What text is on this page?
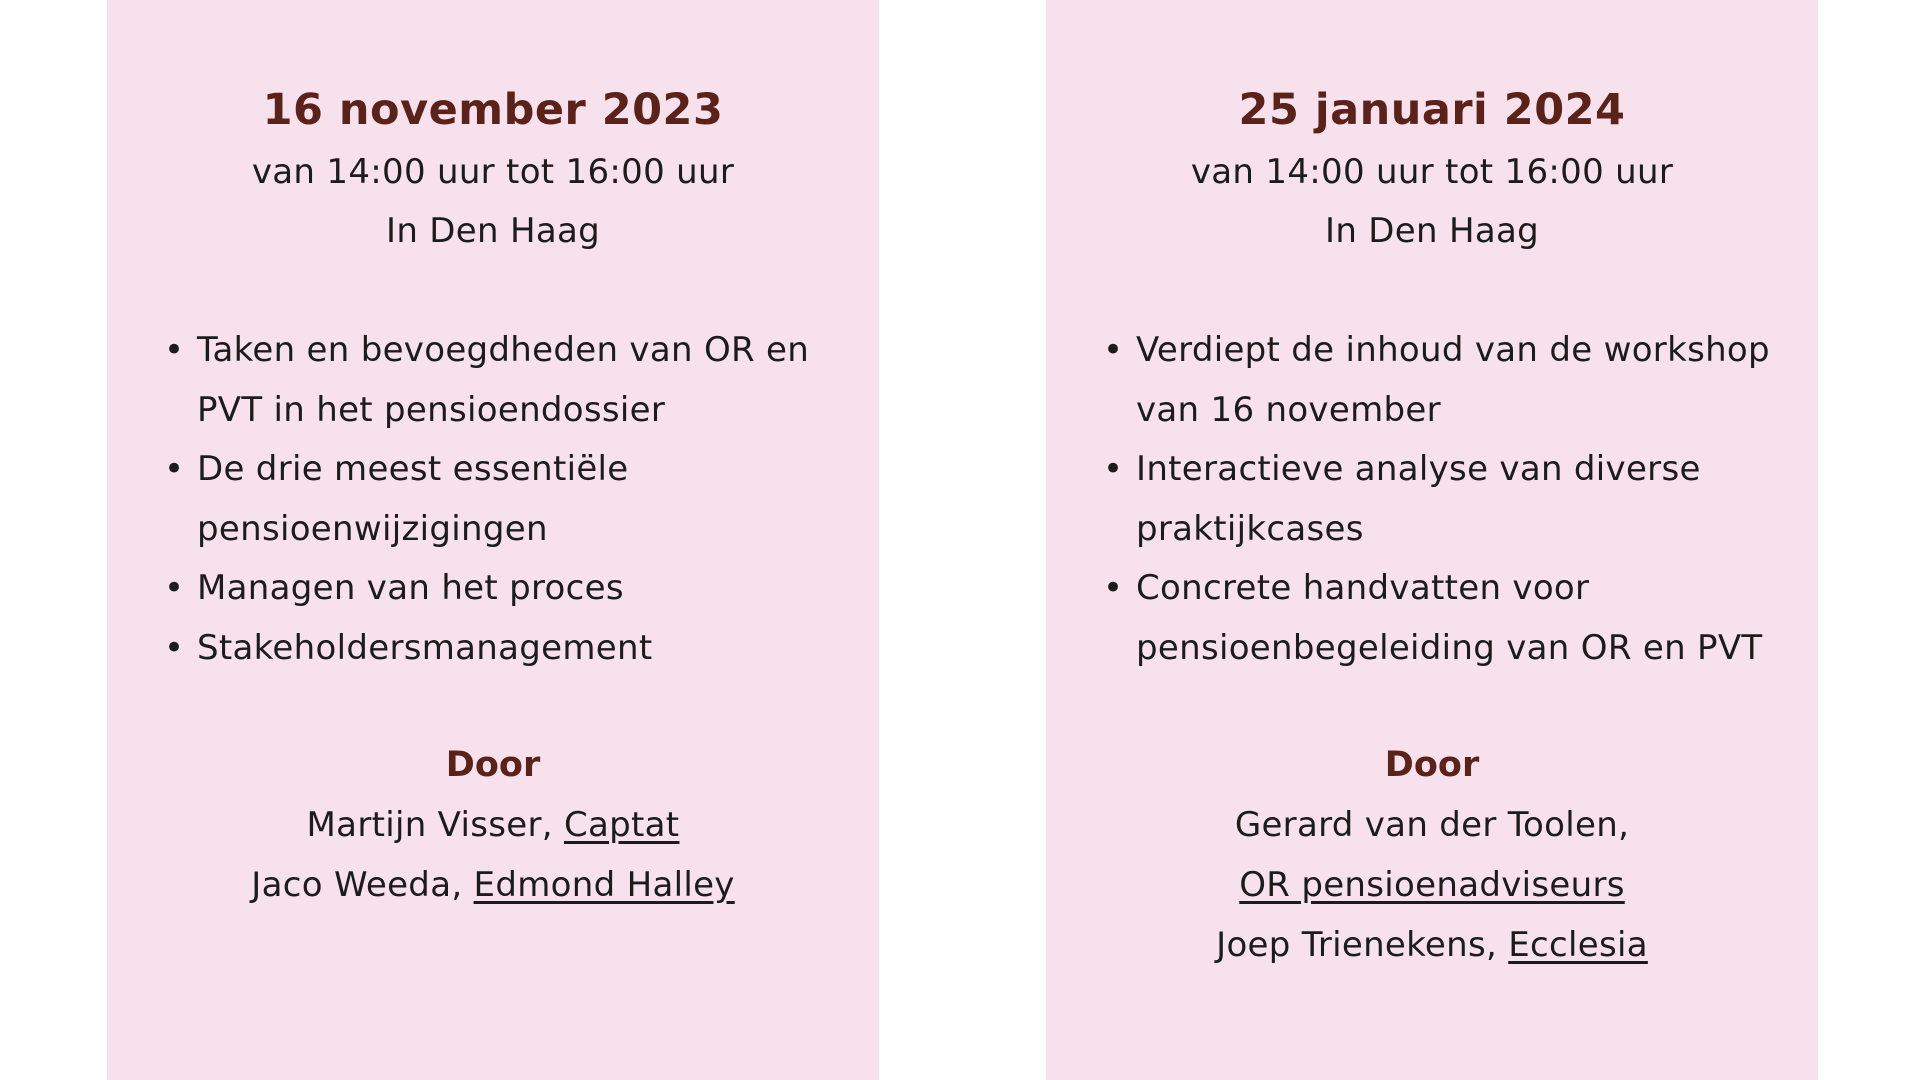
16 november 2023

van 14:00 uur tot 16:00 uur

In Den Haag

• Taken en bevoegdheden van OR en PVT in het pensioendossier
• De drie meest essentiële pensioenwijzigingen
• Managen van het proces
• Stakeholdersmanagement
Door

Martijn Visser, Captat

Jaco Weeda, Edmond Halley

25 januari 2024

van 14:00 uur tot 16:00 uur

In Den Haag

• Verdiept de inhoud van de workshop van 16 november
• Interactieve analyse van diverse praktijkcases
• Concrete handvatten voor pensioenbegeleiding van OR en PVT
Door

Gerard van der Toolen,

OR pensioenadviseurs

Joep Trienekens, Ecclesia
